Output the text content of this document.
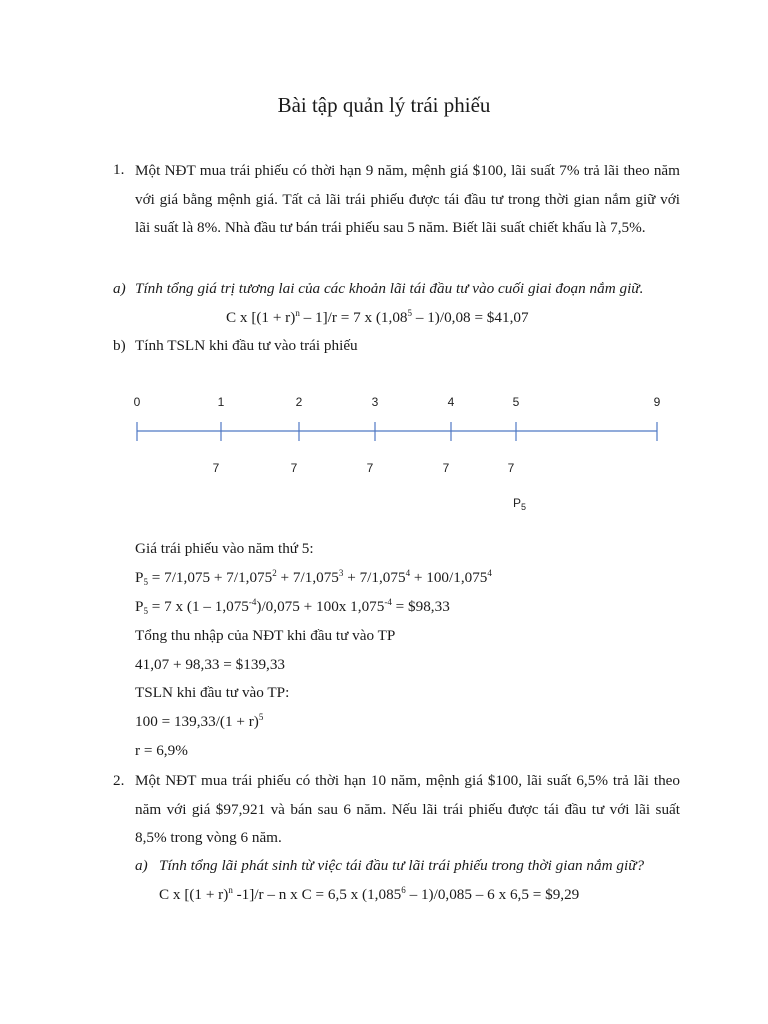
Bài tập quản lý trái phiếu
1. Một NĐT mua trái phiếu có thời hạn 9 năm, mệnh giá $100, lãi suất 7% trả lãi theo năm với giá bằng mệnh giá. Tất cả lãi trái phiếu được tái đầu tư trong thời gian nắm giữ với lãi suất là 8%. Nhà đầu tư bán trái phiếu sau 5 năm. Biết lãi suất chiết khấu là 7,5%.
a) Tính tổng giá trị tương lai của các khoản lãi tái đầu tư vào cuối giai đoạn nắm giữ.
C x $[(1 + r)^n - 1]/r = 7$ x (1,08$^5$ – 1)/0,08 = $41,07
b) Tính TSLN khi đầu tư vào trái phiếu
0	1	2	3	4	5	9
7	7	7	7	7
$P_5$
Giá trái phiếu vào năm thứ 5:
$P_5 = 7/1,075 + 7/1,075^2 + 7/1,075^3 + 7/1,075^4 + 100/1,075^4$
$P_5 = 7$ x $(1 - 1,075^{-4})/0,075 + 100x$ $1,075^{-4}$ = $98,33
Tổng thu nhập của NĐT khi đầu tư vào TP
41,07 + 98,33 = $139,33
TSLN khi đầu tư vào TP:
$100 = 139,33/(1 + r)^5$
r = 6,9%
2. Một NĐT mua trái phiếu có thời hạn 10 năm, mệnh giá $100, lãi suất 6,5% trả lãi theo năm với giá $97,921 và bán sau 6 năm. Nếu lãi trái phiếu được tái đầu tư với lãi suất 8,5% trong vòng 6 năm.
a) Tính tổng lãi phát sinh từ việc tái đầu tư lãi trái phiếu trong thời gian nắm giữ?
C x [$(1 + r)^n$ -1]/r – n x C = 6,5 x (1,085$^6$ – 1)/0,085 – 6 x 6,5 = $9,29
